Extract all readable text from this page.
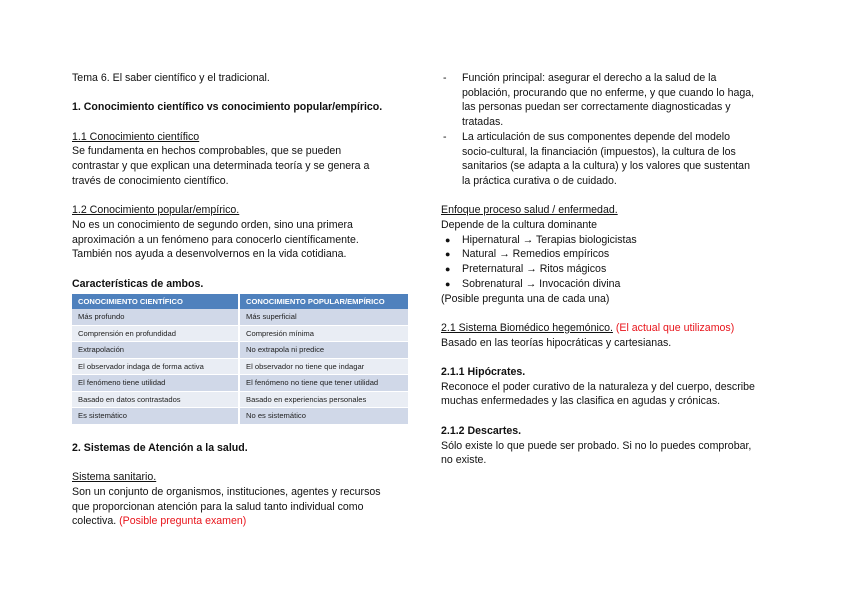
Tema 6. El saber científico y el tradicional.

1. Conocimiento científico vs conocimiento popular/empírico.

1.1 Conocimiento científico

Se fundamenta en hechos comprobables, que se pueden

contrastar y que explican una determinada teoría y se genera a

través de conocimiento científico.

1.2 Conocimiento popular/empírico.

No es un conocimiento de segundo orden, sino una primera

aproximación a un fenómeno para conocerlo científicamente.

También nos ayuda a desenvolvernos en la vida cotidiana.

Características de ambos.

CONOCIMIENTO CIENTÍFICO	CONOCIMIENTO POPULAR/EMPÍRICO
Más profundo	Más superficial
Comprensión en profundidad	Compresión mínima
Extrapolación	No extrapola ni predice
El observador indaga de forma activa	El observador no tiene que indagar
El fenómeno tiene utilidad	El fenómeno no tiene que tener utilidad
Basado en datos contrastados	Basado en experiencias personales
Es sistemático	No es sistemático

2. Sistemas de Atención a la salud.

Sistema sanitario.

Son un conjunto de organismos, instituciones, agentes y recursos

que proporcionan atención para la salud tanto individual como

colectiva. (Posible pregunta examen)

- Función principal: asegurar el derecho a la salud de la

población, procurando que no enferme, y que cuando lo haga,

las personas puedan ser correctamente diagnosticadas y

tratadas.

- La articulación de sus componentes depende del modelo

socio-cultural, la financiación (impuestos), la cultura de los

sanitarios (se adapta a la cultura) y los valores que sustentan

la práctica curativa o de cuidado.

Enfoque proceso salud / enfermedad.

Depende de la cultura dominante

● Hipernatural → Terapias biologicistas
● Natural → Remedios empíricos
● Preternatural → Ritos mágicos
● Sobrenatural → Invocación divina

(Posible pregunta una de cada una)

2.1 Sistema Biomédico hegemónico. (El actual que utilizamos)

Basado en las teorías hipocráticas y cartesianas.

2.1.1 Hipócrates.

Reconoce el poder curativo de la naturaleza y del cuerpo, describe

muchas enfermedades y las clasifica en agudas y crónicas.

2.1.2 Descartes.

Sólo existe lo que puede ser probado. Si no lo puedes comprobar,

no existe.
